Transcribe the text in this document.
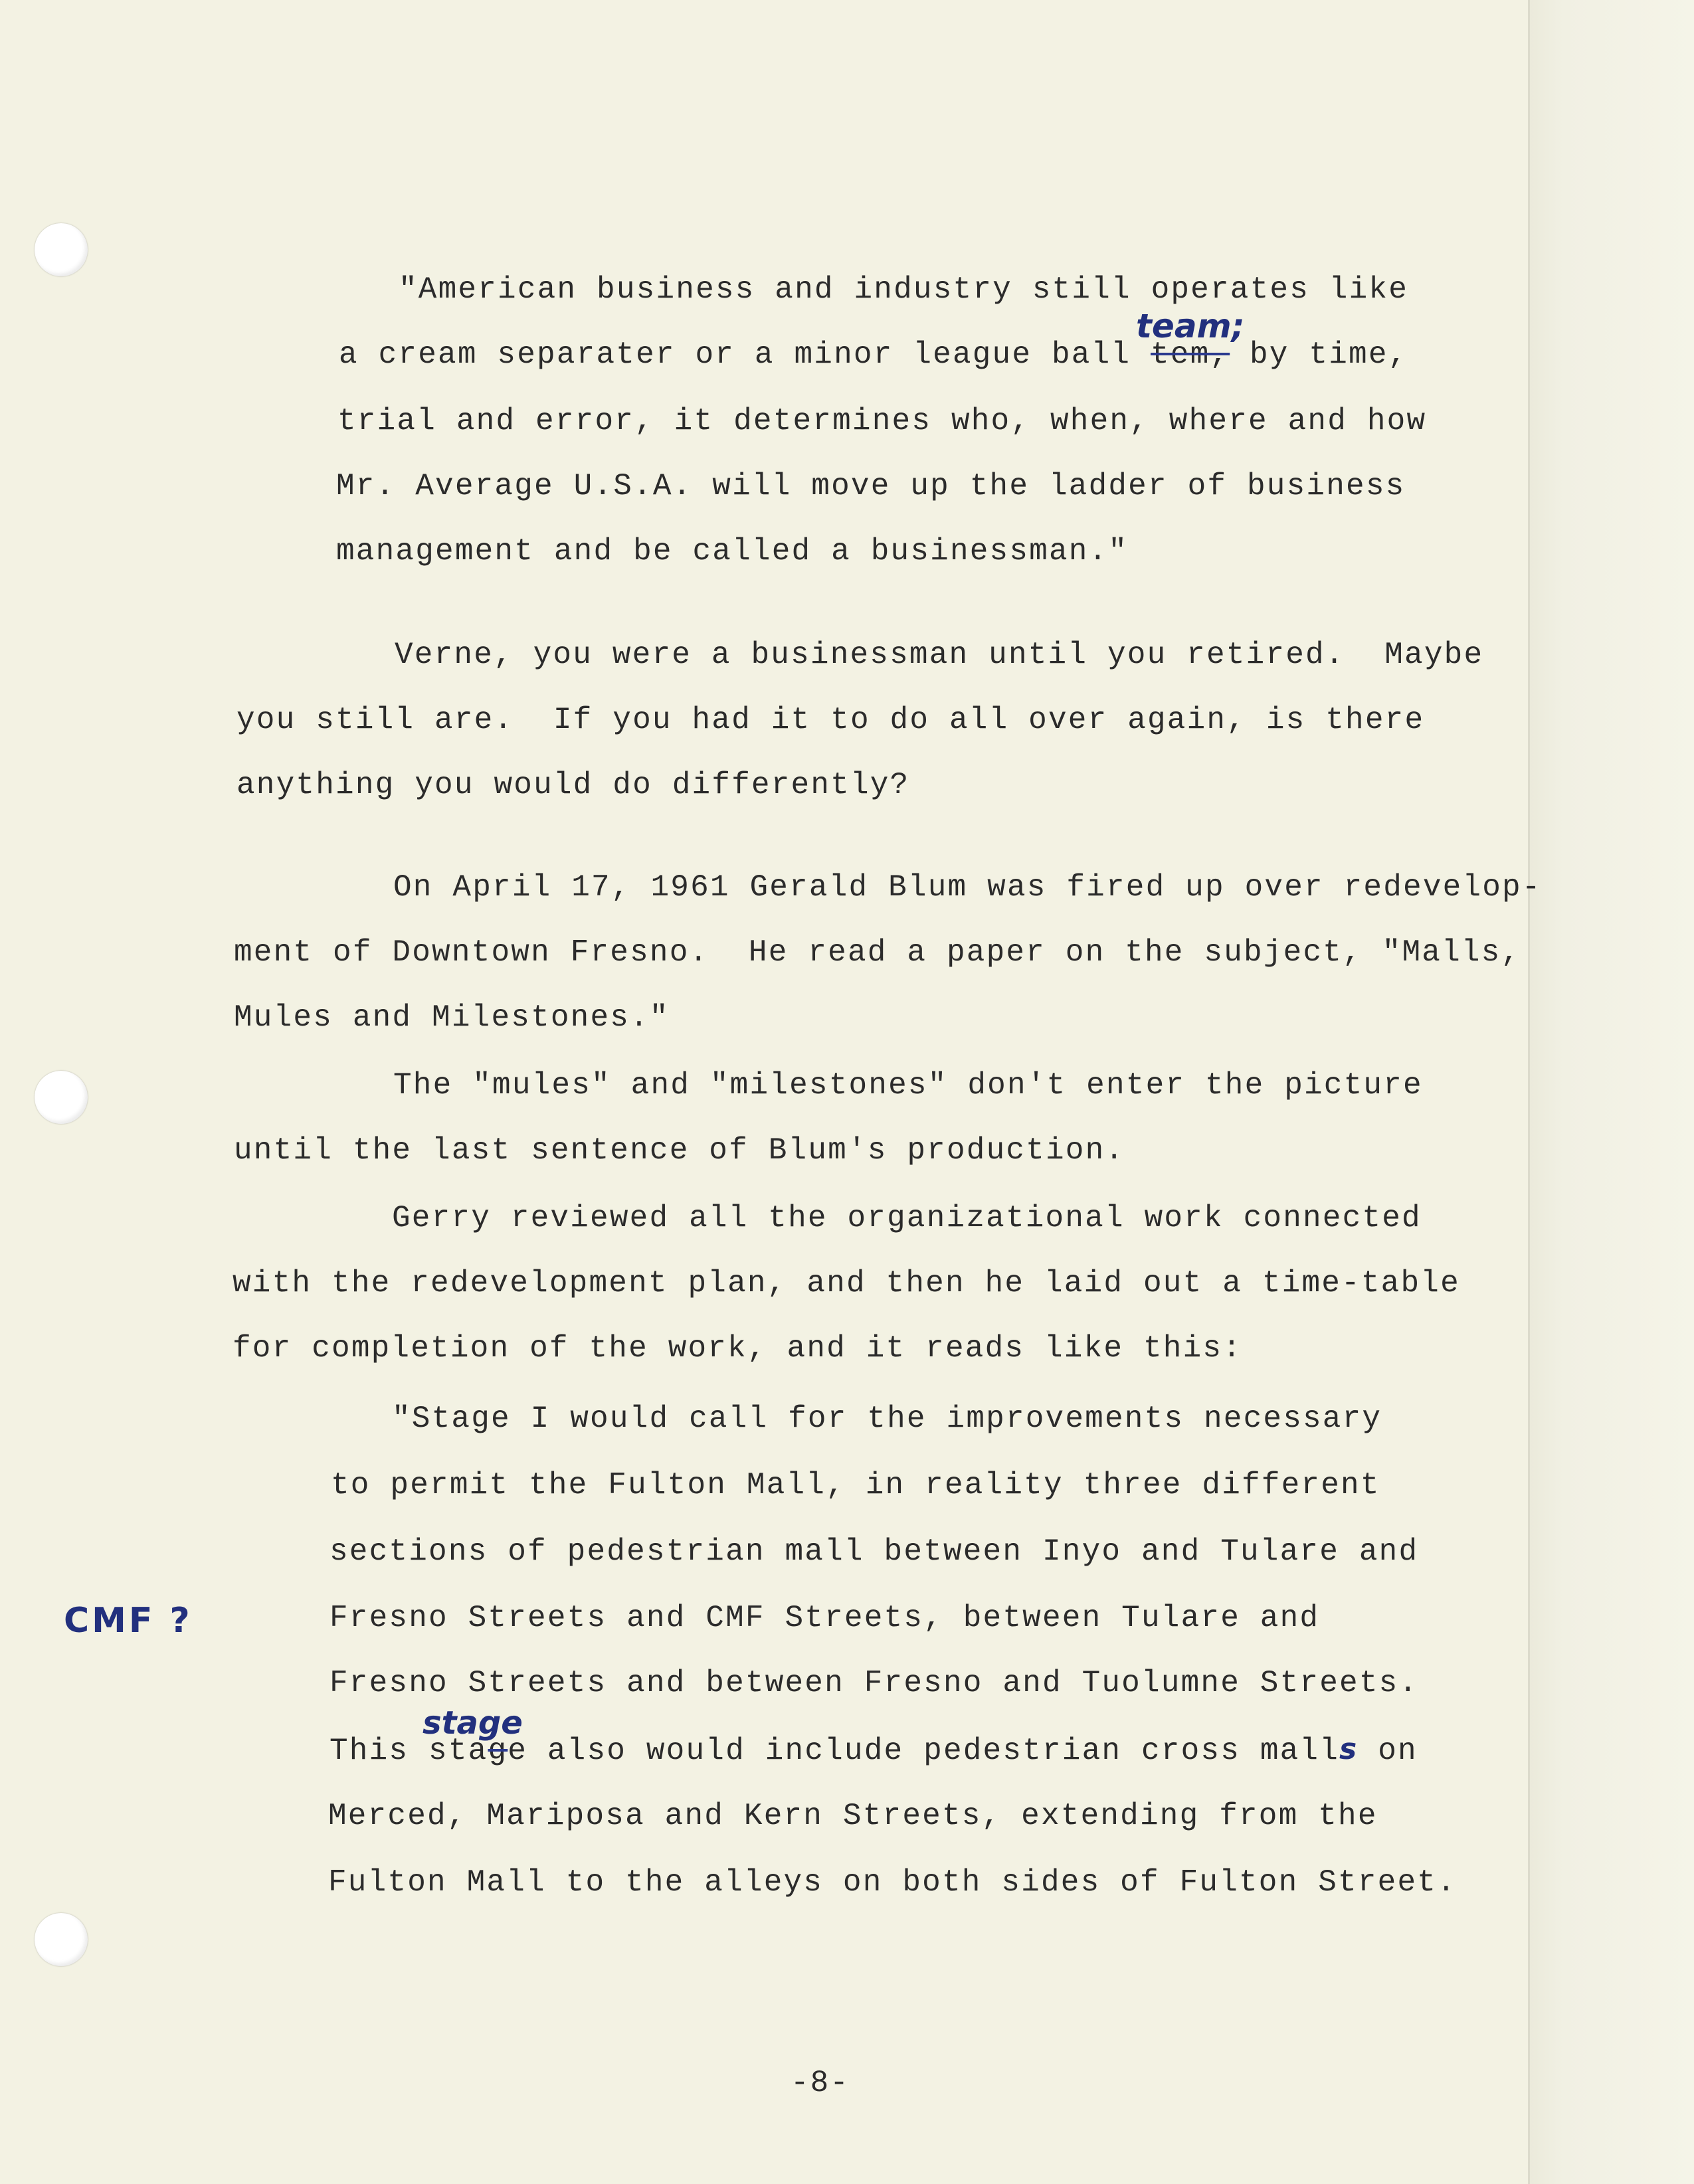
"American business and industry still operates like
a cream separater or a minor league ball tem, by time,
team;
trial and error, it determines who, when, where and how
Mr. Average U.S.A. will move up the ladder of business
management and be called a businessman."
Verne, you were a businessman until you retired.  Maybe
you still are.  If you had it to do all over again, is there
anything you would do differently?
On April 17, 1961 Gerald Blum was fired up over redevelop-
ment of Downtown Fresno.  He read a paper on the subject, "Malls,
Mules and Milestones."
The "mules" and "milestones" don't enter the picture
until the last sentence of Blum's production.
Gerry reviewed all the organizational work connected
with the redevelopment plan, and then he laid out a time-table
for completion of the work, and it reads like this:
"Stage I would call for the improvements necessary
to permit the Fulton Mall, in reality three different
sections of pedestrian mall between Inyo and Tulare and
Fresno Streets and CMF Streets, between Tulare and
Fresno Streets and between Fresno and Tuolumne Streets.
This stage also would include pedestrian cross malls on
stage
Merced, Mariposa and Kern Streets, extending from the
Fulton Mall to the alleys on both sides of Fulton Street.
CMF ?
-8-
